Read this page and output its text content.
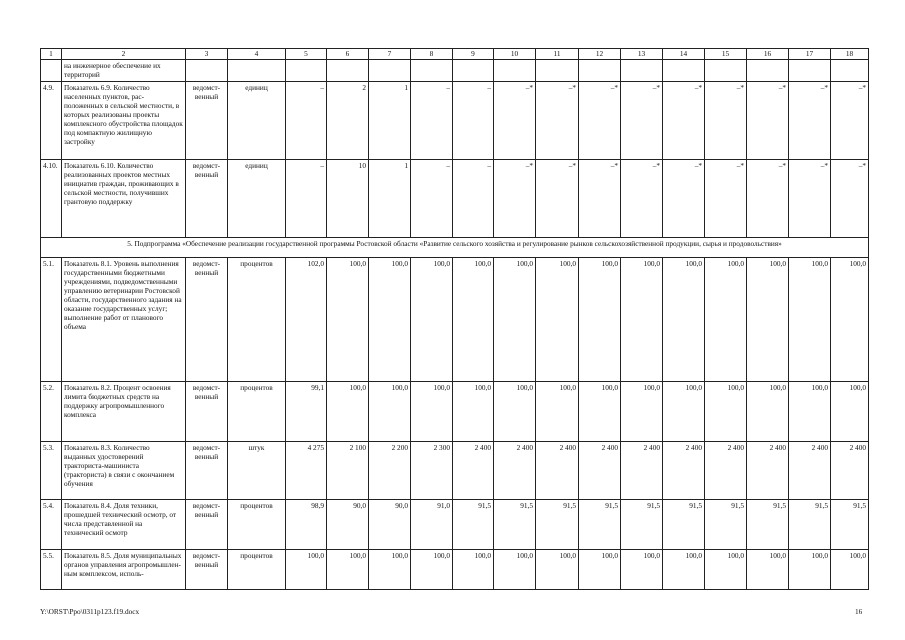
1	2	3	4	5	6	7	8	9	10	11	12	13	14	15	16	17	18
	на инженерное обеспечение их территорий																
4.9.	Показатель 6.9. Количество населенных пунктов, рас-положенных в сельской местности, в которых реализованы проекты комплексного обустройства площадок под компактную жилищную застройку	ведомст-венный	единиц	–	2	1	–	–	–*	–*	–*	–*	–*	–*	–*	–*	–*
4.10.	Показатель 6.10. Количество реализованных проектов местных инициатив граждан, проживающих в сельской местности, получивших грантовую поддержку	ведомст-венный	единиц	–	10	1	–	–	–*	–*	–*	–*	–*	–*	–*	–*	–*
5. Подпрограмма «Обеспечение реализации государственной программы Ростовской области «Развитие сельского хозяйства и регулирование рынков сельскохозяйственной продукции, сырья и продовольствия»																	
5.1.	Показатель 8.1. Уровень выполнения государственными бюджетными учреждениями, подведомственными управлению ветеринарии Ростовской области, государственного задания на оказание государственных услуг; выполнение работ от планового объема	ведомст-венный	процентов	102,0	100,0	100,0	100,0	100,0	100,0	100,0	100,0	100,0	100,0	100,0	100,0	100,0	100,0
5.2.	Показатель 8.2. Процент освоения лимита бюджетных средств на поддержку агропромышленного комплекса	ведомст-венный	процентов	99,1	100,0	100,0	100,0	100,0	100,0	100,0	100,0	100,0	100,0	100,0	100,0	100,0	100,0
5.3.	Показатель 8.3. Количество выданных удостоверений тракториста-машиниста (тракториста) в связи с окончанием обучения	ведомст-венный	штук	4 275	2 100	2 200	2 300	2 400	2 400	2 400	2 400	2 400	2 400	2 400	2 400	2 400	2 400
5.4.	Показатель 8.4. Доля техники, прошедшей технический осмотр, от числа представленной на технический осмотр	ведомст-венный	процентов	98,9	90,0	90,0	91,0	91,5	91,5	91,5	91,5	91,5	91,5	91,5	91,5	91,5	91,5
5.5.	Показатель 8.5. Доля муниципальных органов управления агропромышлен-ным комплексом, исполь-	ведомст-венный	процентов	100,0	100,0	100,0	100,0	100,0	100,0	100,0	100,0	100,0	100,0	100,0	100,0	100,0	100,0
Y:\ORST\Ppo\0311p123.f19.docx	16
